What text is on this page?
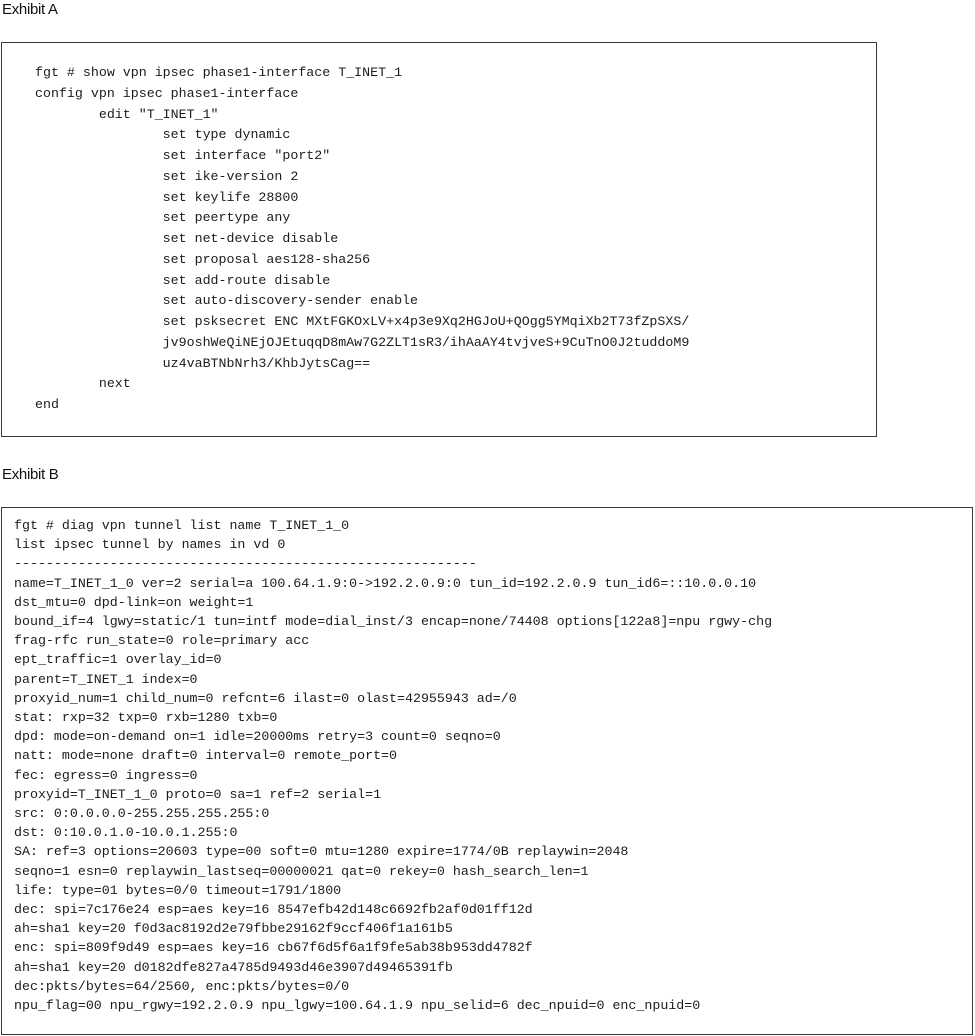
Exhibit A
fgt # show vpn ipsec phase1-interface T_INET_1
config vpn ipsec phase1-interface
edit "T_INET_1"
set type dynamic
set interface "port2"
set ike-version 2
set keylife 28800
set peertype any
set net-device disable
set proposal aes128-sha256
set add-route disable
set auto-discovery-sender enable
set psksecret ENC MXtFGKOxLV+x4p3e9Xq2HGJoU+QOgg5YMqiXb2T73fZpSXS/
jv9oshWeQiNEjOJEtuqqD8mAw7G2ZLT1sR3/ihAaAY4tvjveS+9CuTnO0J2tuddoM9
uz4vaBTNbNrh3/KhbJytsCag==
next
end
Exhibit B
fgt # diag vpn tunnel list name T_INET_1_0
list ipsec tunnel by names in vd 0
----------------------------------------------------------
name=T_INET_1_0 ver=2 serial=a 100.64.1.9:0->192.2.0.9:0 tun_id=192.2.0.9 tun_id6=::10.0.0.10
dst_mtu=0 dpd-link=on weight=1
bound_if=4 lgwy=static/1 tun=intf mode=dial_inst/3 encap=none/74408 options[122a8]=npu rgwy-chg
frag-rfc run_state=0 role=primary acc
ept_traffic=1 overlay_id=0
parent=T_INET_1 index=0
proxyid_num=1 child_num=0 refcnt=6 ilast=0 olast=42955943 ad=/0
stat: rxp=32 txp=0 rxb=1280 txb=0
dpd: mode=on-demand on=1 idle=20000ms retry=3 count=0 seqno=0
natt: mode=none draft=0 interval=0 remote_port=0
fec: egress=0 ingress=0
proxyid=T_INET_1_0 proto=0 sa=1 ref=2 serial=1
src: 0:0.0.0.0-255.255.255.255:0
dst: 0:10.0.1.0-10.0.1.255:0
SA: ref=3 options=20603 type=00 soft=0 mtu=1280 expire=1774/0B replaywin=2048
seqno=1 esn=0 replaywin_lastseq=00000021 qat=0 rekey=0 hash_search_len=1
life: type=01 bytes=0/0 timeout=1791/1800
dec: spi=7c176e24 esp=aes key=16 8547efb42d148c6692fb2af0d01ff12d
ah=sha1 key=20 f0d3ac8192d2e79fbbe29162f9ccf406f1a161b5
enc: spi=809f9d49 esp=aes key=16 cb67f6d5f6a1f9fe5ab38b953dd4782f
ah=sha1 key=20 d0182dfe827a4785d9493d46e3907d49465391fb
dec:pkts/bytes=64/2560, enc:pkts/bytes=0/0
npu_flag=00 npu_rgwy=192.2.0.9 npu_lgwy=100.64.1.9 npu_selid=6 dec_npuid=0 enc_npuid=0
